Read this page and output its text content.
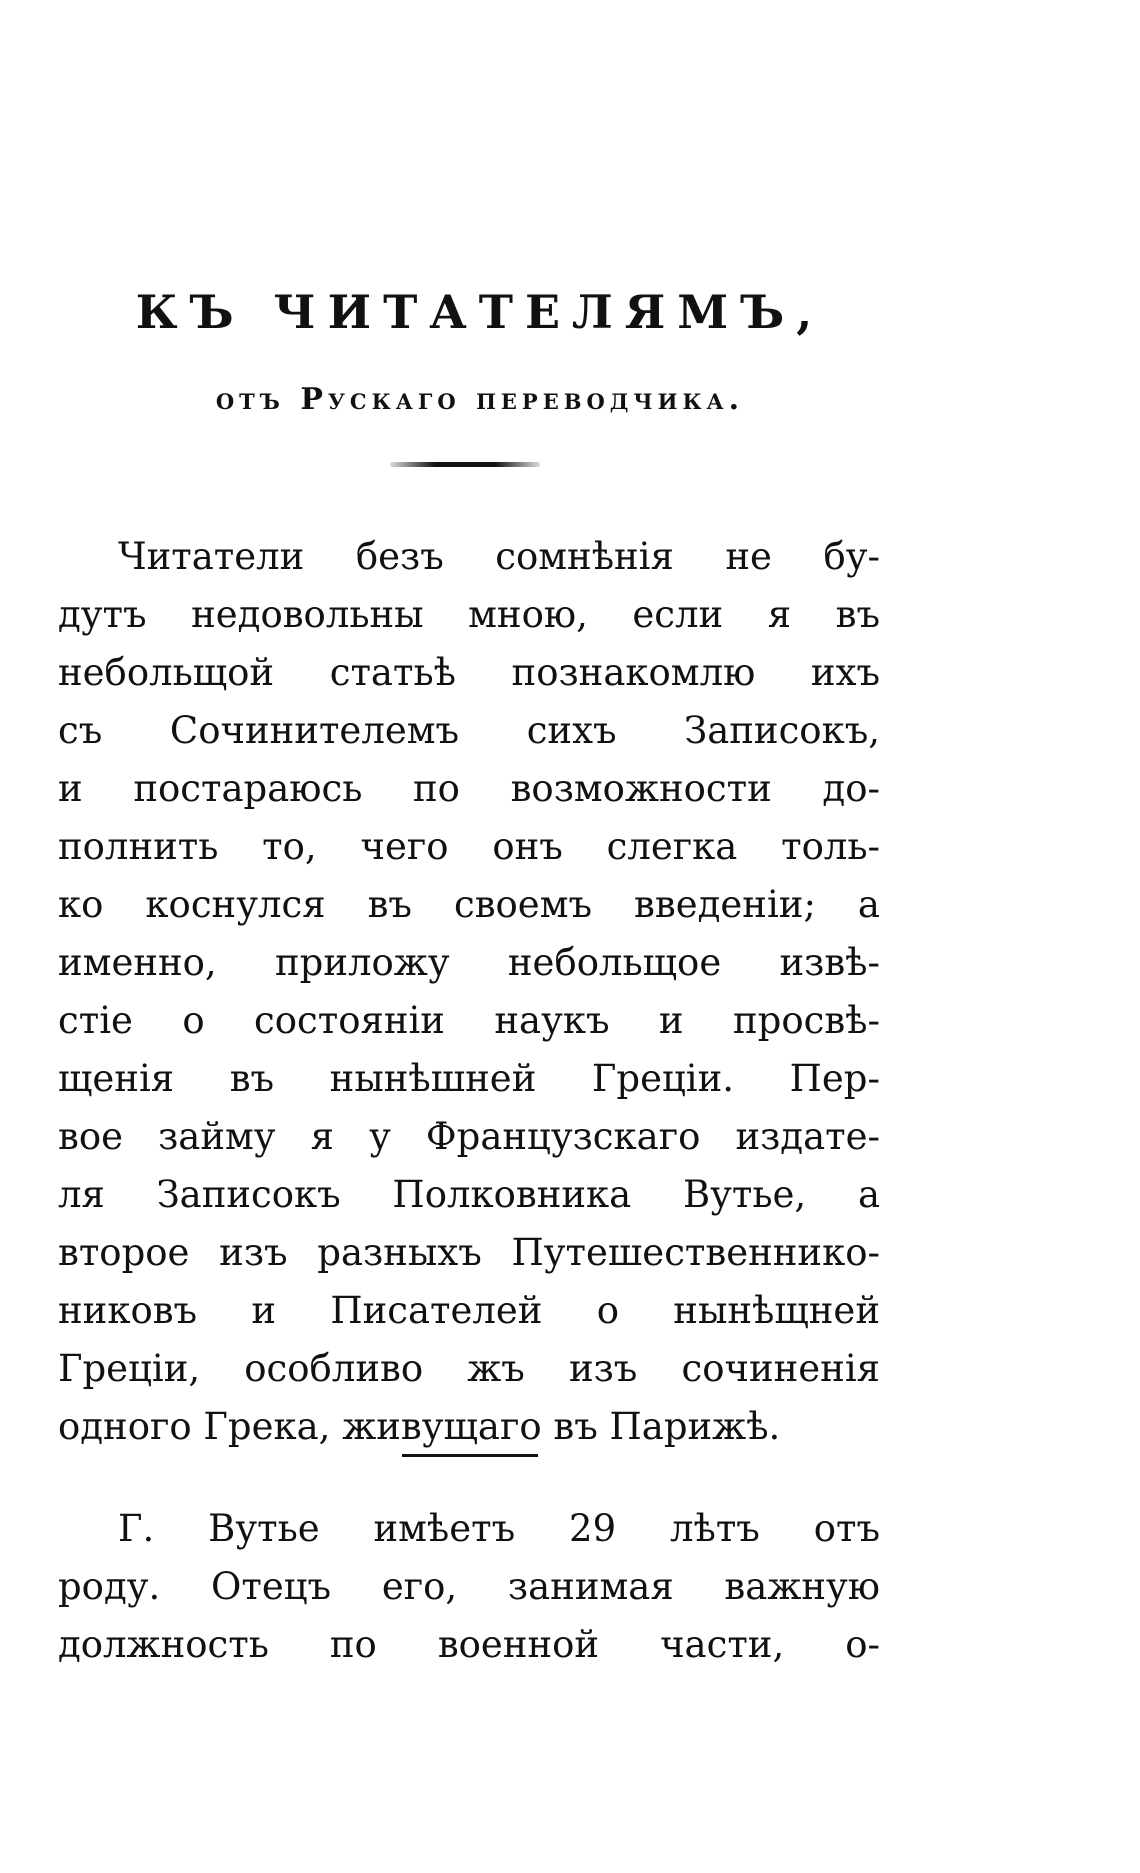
КЪ ЧИТАТЕЛЯМЪ,
отъ Рускаго переводчика.
Читатели безъ сомнѣнія не бу-
дутъ недовольны мною, если я въ
небольщой статьѣ познакомлю ихъ
съ Сочинителемъ сихъ Записокъ,
и постараюсь по возможности до-
полнить то, чего онъ слегка толь-
ко коснулся въ своемъ введеніи; а
именно, приложу небольщое извѣ-
стіе о состояніи наукъ и просвѣ-
щенія въ нынѣшней Греціи. Пер-
вое займу я у Французскаго издате-
ля Записокъ Полковника Вутье, а
второе изъ разныхъ Путешественнико-
никовъ и Писателей о нынѣщней
Греціи, особливо жъ изъ сочиненія
одного Грека, живущаго въ Парижѣ.
Г. Вутье имѣетъ 29 лѣтъ отъ
роду. Отецъ его, занимая важную
должность по военной части, о-
